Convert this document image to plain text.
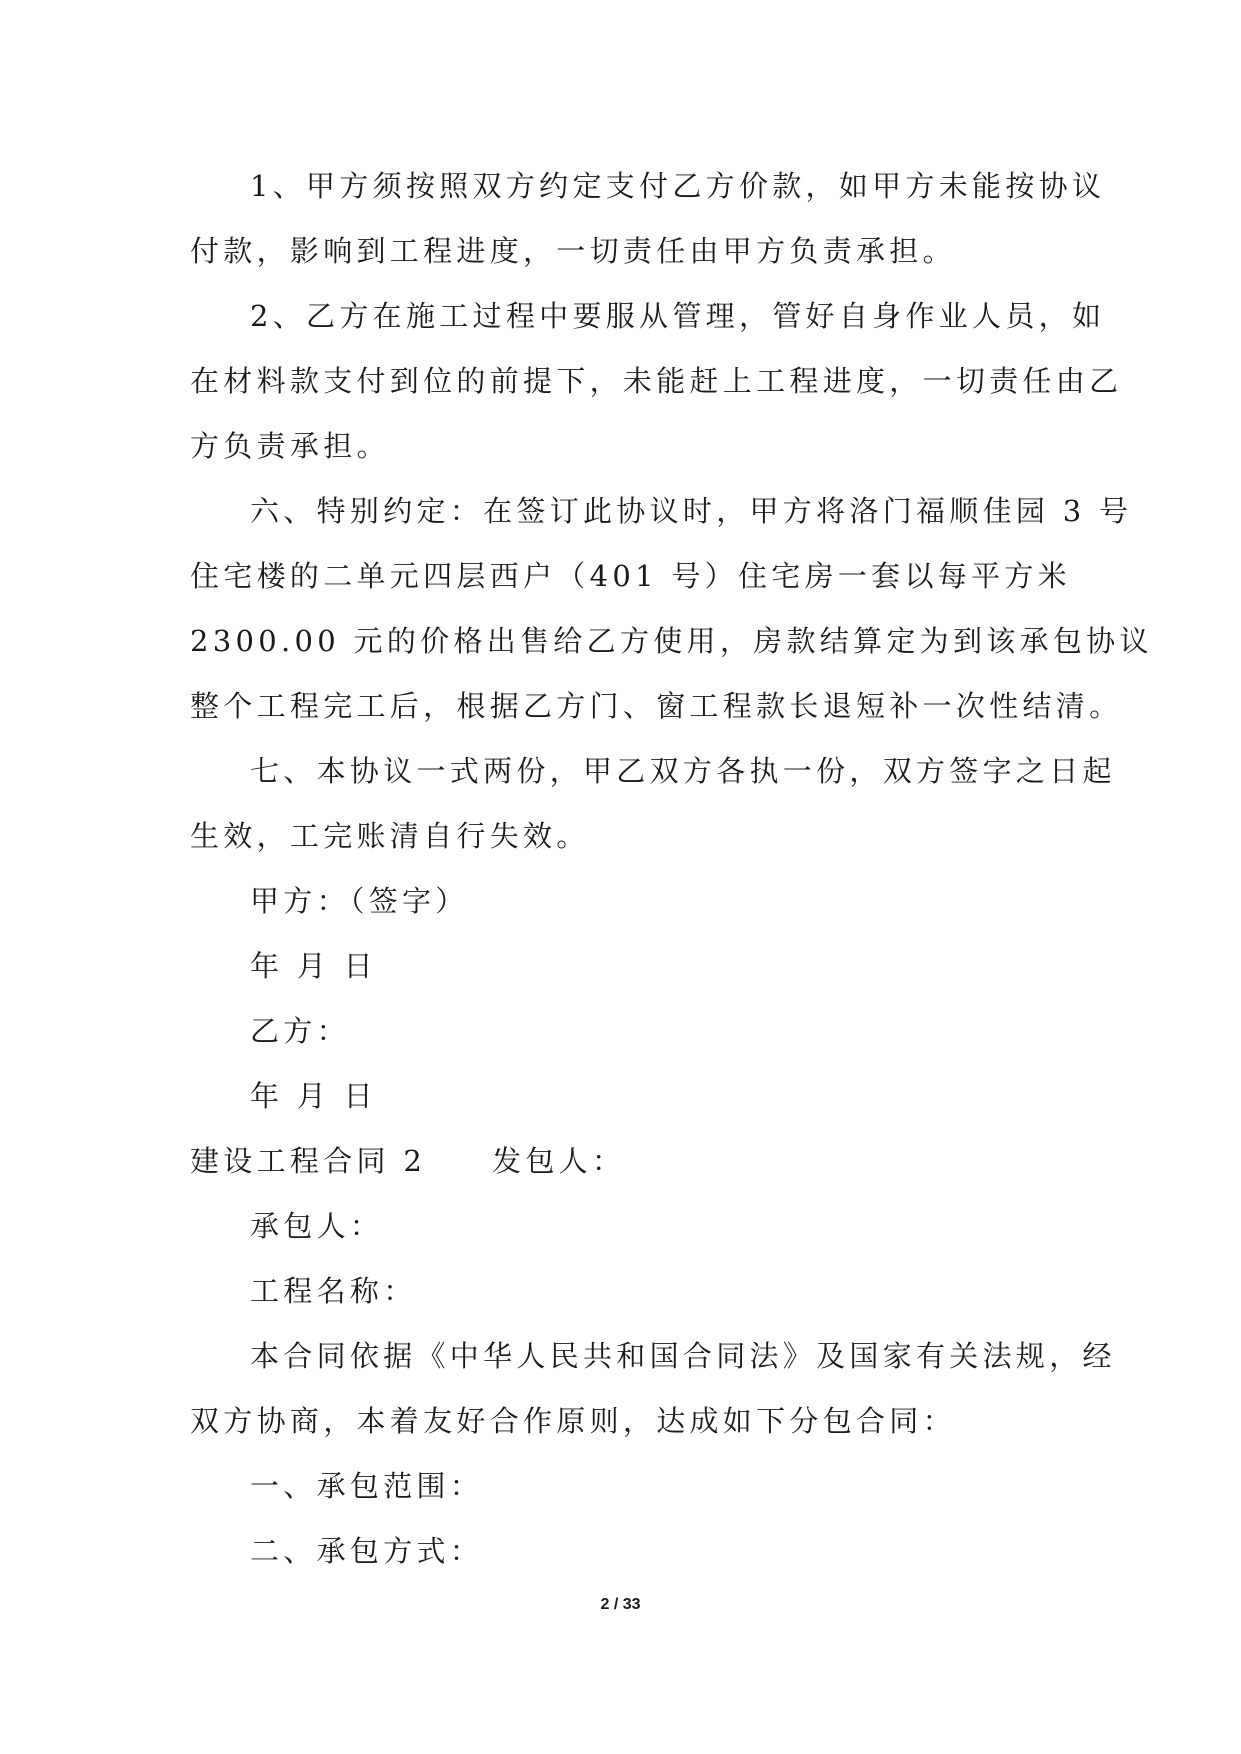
1、甲方须按照双方约定支付乙方价款，如甲方未能按协议
付款，影响到工程进度，一切责任由甲方负责承担。

2、乙方在施工过程中要服从管理，管好自身作业人员，如
在材料款支付到位的前提下，未能赶上工程进度，一切责任由乙
方负责承担。

六、特别约定：在签订此协议时，甲方将洛门福顺佳园 3 号
住宅楼的二单元四层西户（401 号）住宅房一套以每平方米
2300.00 元的价格出售给乙方使用，房款结算定为到该承包协议
整个工程完工后，根据乙方门、窗工程款长退短补一次性结清。

七、本协议一式两份，甲乙双方各执一份，双方签字之日起
生效，工完账清自行失效。

甲方：（签字）

年 月 日

乙方：

年 月 日

建设工程合同 2 发包人：

承包人：

工程名称：

本合同依据《中华人民共和国合同法》及国家有关法规，经
双方协商，本着友好合作原则，达成如下分包合同：

一、承包范围：

二、承包方式：

2 / 33
